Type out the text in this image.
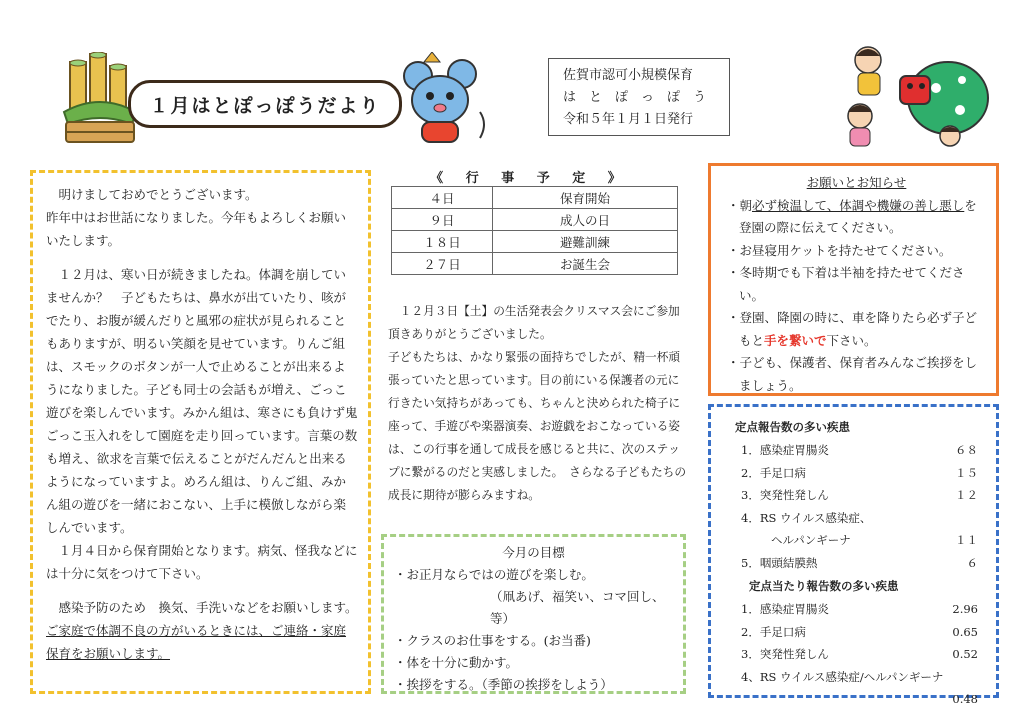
１月はとぽっぽうだより
佐賀市認可小規模保育
はとぽっぽう
令和５年１月１日発行

明けましておめでとうございます。

昨年中はお世話になりました。今年もよろしくお願いいたします。

１２月は、寒い日が続きましたね。体調を崩していませんか？　子どもたちは、鼻水が出ていたり、咳がでたり、お腹が緩んだりと風邪の症状が見られることもありますが、明るい笑顔を見せています。りんご組は、スモックのボタンが一人で止めることが出来るようになりました。子ども同士の会話もが増え、ごっこ遊びを楽しんでいます。みかん組は、寒さにも負けず鬼ごっこ玉入れをして園庭を走り回っています。言葉の数も増え、欲求を言葉で伝えることがだんだんと出来るようになっていますよ。めろん組は、りんご組、みかん組の遊びを一緒におこない、上手に模倣しながら楽しんでいます。

１月４日から保育開始となります。病気、怪我などには十分に気をつけて下さい。

感染予防のため　換気、手洗いなどをお願いします。ご家庭で体調不良の方がいるときには、ご連絡・家庭保育をお願いします。

《 行 事 予 定 》
４日	保育開始
９日	成人の日
１８日	避難訓練
２７日	お誕生会

１２月３日【土】の生活発表会クリスマス会にご参加頂きありがとうございました。

子どもたちは、かなり緊張の面持ちでしたが、精一杯頑張っていたと思っています。目の前にいる保護者の元に行きたい気持ちがあっても、ちゃんと決められた椅子に座って、手遊びや楽器演奏、お遊戯をおこなっている姿は、この行事を通して成長を感じると共に、次のステップに繋がるのだと実感しました。　さらなる子どもたちの成長に期待が膨らみますね。

今月の目標
・お正月ならではの遊びを楽しむ。
（凧あげ、福笑い、コマ回し、等）
・クラスのお仕事をする。(お当番)
・体を十分に動かす。
・挨拶をする。（季節の挨拶をしよう）
お願いとお知らせ
・朝必ず検温して、体調や機嫌の善し悪しを登園の際に伝えてください。
・お昼寝用ケットを持たせてください。
・冬時期でも下着は半袖を持たせてください。
・登園、降園の時に、車を降りたら必ず子どもと手を繋いで下さい。
・子ども、保護者、保育者みんなご挨拶をしましょう。
定点報告数の多い疾患
1．感染症胃腸炎	６８
2．手足口病	１５
3．突発性発しん	１２
4．RS ウイルス感染症、
ヘルパンギーナ	１１
5．咽頭結膜熱	６
定点当たり報告数の多い疾患
1．感染症胃腸炎	2.96
2．手足口病	0.65
3．突発性発しん	0.52
4、RS ウイルス感染症/ヘルパンギーナ
0.48
